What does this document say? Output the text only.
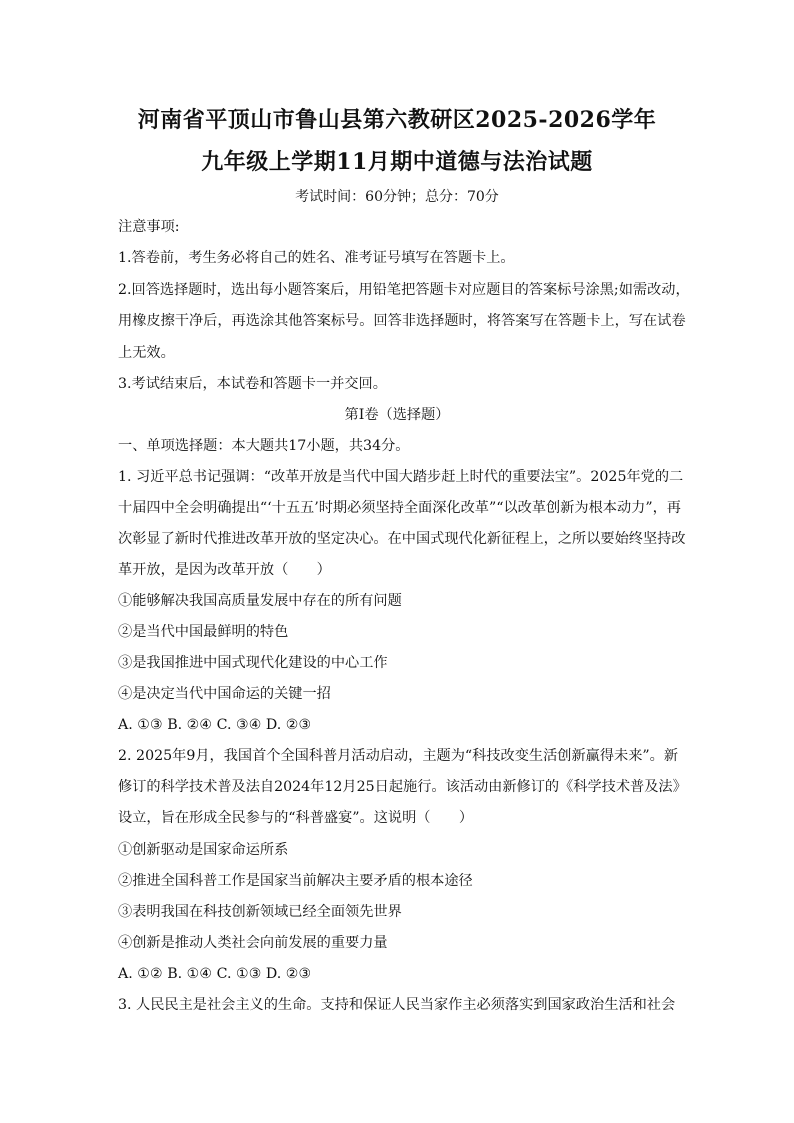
河南省平顶山市鲁山县第六教研区2025-2026学年
九年级上学期11月期中道德与法治试题
考试时间：60分钟；总分：70分
注意事项:
1.答卷前，考生务必将自己的姓名、准考证号填写在答题卡上。
2.回答选择题时，选出每小题答案后，用铅笔把答题卡对应题目的答案标号涂黑;如需改动，
用橡皮擦干净后，再选涂其他答案标号。回答非选择题时，将答案写在答题卡上，写在试卷
上无效。
3.考试结束后，本试卷和答题卡一并交回。
第I卷（选择题）
一、单项选择题：本大题共17小题，共34分。
1. 习近平总书记强调：“改革开放是当代中国大踏步赶上时代的重要法宝”。2025年党的二
十届四中全会明确提出“‘十五五’时期必须坚持全面深化改革”“以改革创新为根本动力”，再
次彰显了新时代推进改革开放的坚定决心。在中国式现代化新征程上，之所以要始终坚持改
革开放，是因为改革开放（　　）
①能够解决我国高质量发展中存在的所有问题
②是当代中国最鲜明的特色
③是我国推进中国式现代化建设的中心工作
④是决定当代中国命运的关键一招
A. ①③ B. ②④ C. ③④ D. ②③
2. 2025年9月，我国首个全国科普月活动启动，主题为“科技改变生活创新赢得未来”。新
修订的科学技术普及法自2024年12月25日起施行。该活动由新修订的《科学技术普及法》
设立，旨在形成全民参与的“科普盛宴”。这说明（　　）
①创新驱动是国家命运所系
②推进全国科普工作是国家当前解决主要矛盾的根本途径
③表明我国在科技创新领域已经全面领先世界
④创新是推动人类社会向前发展的重要力量
A. ①② B. ①④ C. ①③ D. ②③
3. 人民民主是社会主义的生命。支持和保证人民当家作主必须落实到国家政治生活和社会
